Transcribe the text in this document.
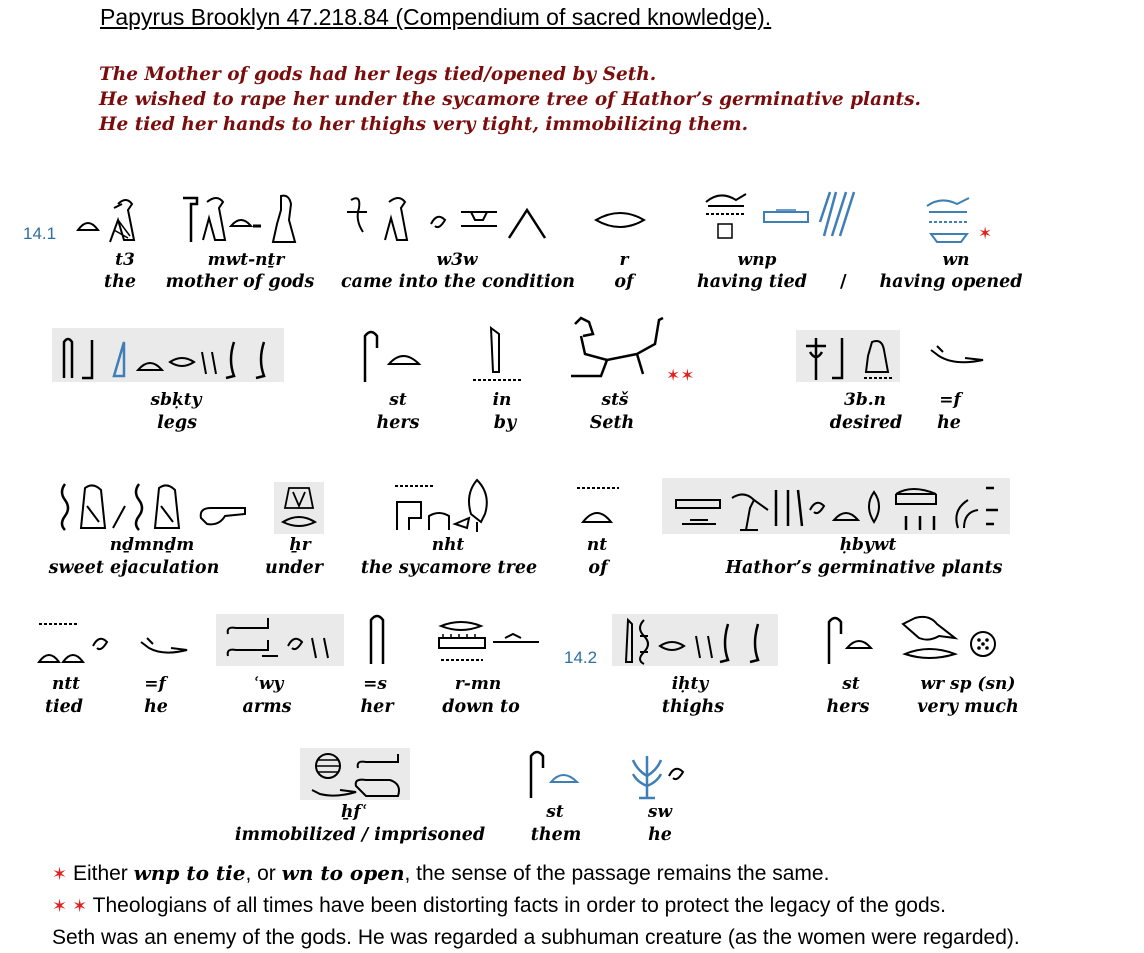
Papyrus Brooklyn 47.218.84 (Compendium of sacred knowledge).
The Mother of gods had her legs tied/opened by Seth.
He wished to rape her under the sycamore tree of Hathor’s germinative plants.
He tied her hands to her thighs very tight, immobilizing them.
14.1	✶
t3
the
mwt-nṯr
mother of gods
w3w
came into the condition
r
of
wnp
having tied /
wn
having opened
✶✶
sbḳty
legs
st
hers
in
by
stš
Seth
3b.n
desired
=f
he
nḏmnḏm
sweet ejaculation
ẖr
under
nht
the sycamore tree
nt
of
ḥbywt
Hathor’s germinative plants
14.2
ntt
tied
=f
he
ʿwy
arms
=s
her
r-mn
down to
iḥty
thighs
st
hers
wr sp (sn)
very much
ẖfʿ
immobilized / imprisoned
st
them
sw
he
✶ Either wnp to tie, or wn to open, the sense of the passage remains the same.
✶ ✶ Theologians of all times have been distorting facts in order to protect the legacy of the gods.
Seth was an enemy of the gods. He was regarded a subhuman creature (as the women were regarded).
